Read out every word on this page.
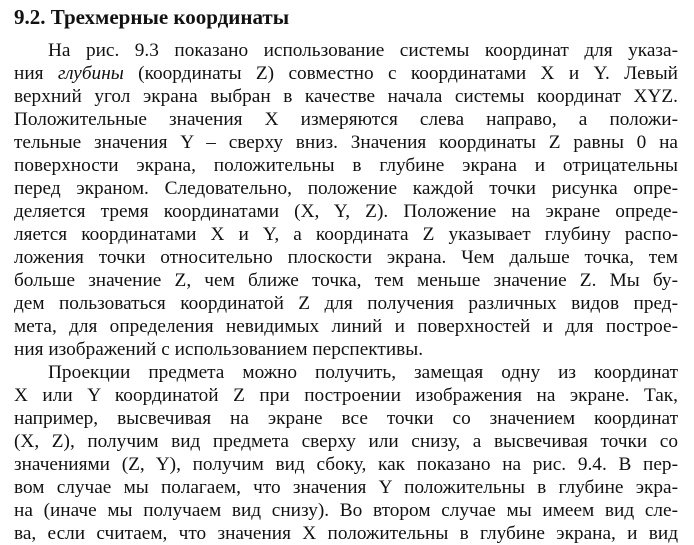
9.2. Трехмерные координаты

На рис. 9.3 показано использование системы координат для указа-

ния глубины (координаты Z) совместно с координатами X и Y. Левый

верхний угол экрана выбран в качестве начала системы координат XYZ.

Положительные значения X измеряются слева направо, а положи-

тельные значения Y – сверху вниз. Значения координаты Z равны 0 на

поверхности экрана, положительны в глубине экрана и отрицательны

перед экраном. Следовательно, положение каждой точки рисунка опре-

деляется тремя координатами (X, Y, Z). Положение на экране опреде-

ляется координатами X и Y, а координата Z указывает глубину распо-

ложения точки относительно плоскости экрана. Чем дальше точка, тем

больше значение Z, чем ближе точка, тем меньше значение Z. Мы бу-

дем пользоваться координатой Z для получения различных видов пред-

мета, для определения невидимых линий и поверхностей и для построе-

ния изображений с использованием перспективы.

Проекции предмета можно получить, замещая одну из координат

X или Y координатой Z при построении изображения на экране. Так,

например, высвечивая на экране все точки со значением координат

(X, Z), получим вид предмета сверху или снизу, а высвечивая точки со

значениями (Z, Y), получим вид сбоку, как показано на рис. 9.4. В пер-

вом случае мы полагаем, что значения Y положительны в глубине экра-

на (иначе мы получаем вид снизу). Во втором случае мы имеем вид сле-

ва, если считаем, что значения X положительны в глубине экрана, и вид
